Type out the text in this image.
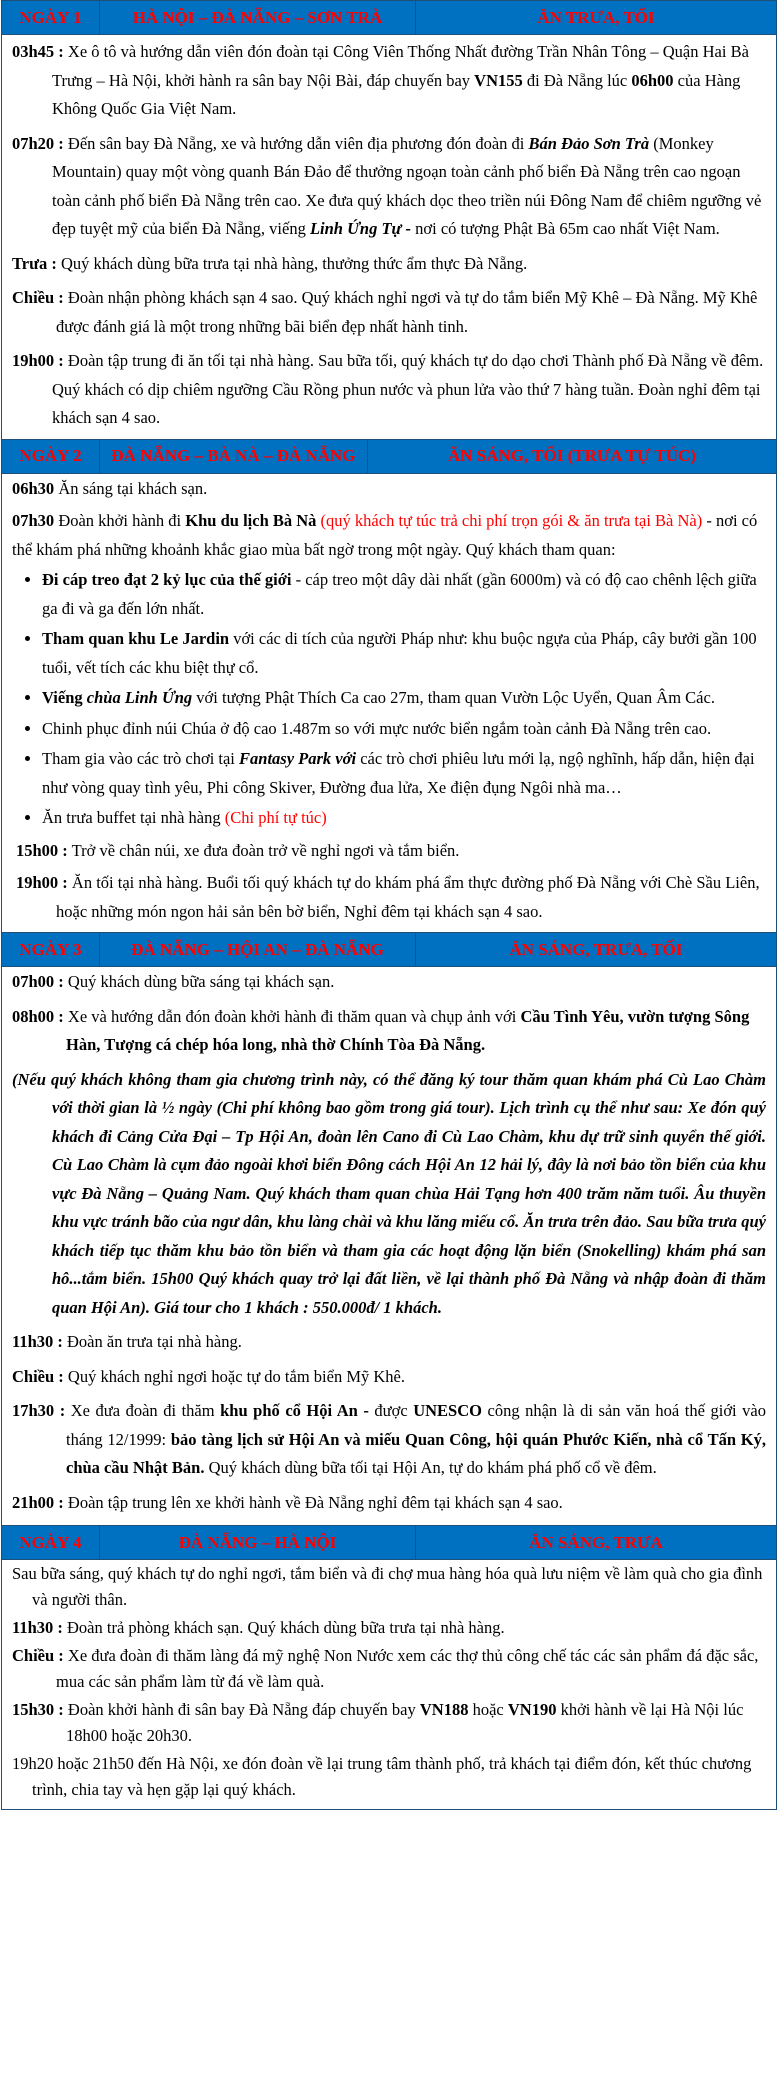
NGÀY 1	HÀ NỘI – ĐÀ NẴNG – SƠN TRÀ	ĂN TRƯA, TỐI
03h45 : Xe ô tô và hướng dẫn viên đón đoàn tại Công Viên Thống Nhất đường Trần Nhân Tông – Quận Hai Bà Trưng – Hà Nội, khởi hành ra sân bay Nội Bài, đáp chuyến bay VN155 đi Đà Nẵng lúc 06h00 của Hàng Không Quốc Gia Việt Nam.
07h20 : Đến sân bay Đà Nẵng, xe và hướng dẫn viên địa phương đón đoàn đi Bán Đảo Sơn Trà (Monkey Mountain) quay một vòng quanh Bán Đảo để thưởng ngoạn toàn cảnh phố biển Đà Nẵng trên cao ngoạn toàn cảnh phố biển Đà Nẵng trên cao. Xe đưa quý khách dọc theo triền núi Đông Nam để chiêm ngưỡng vẻ đẹp tuyệt mỹ của biển Đà Nẵng, viếng Linh Ứng Tự - nơi có tượng Phật Bà 65m cao nhất Việt Nam.
Trưa : Quý khách dùng bữa trưa tại nhà hàng, thưởng thức ẩm thực Đà Nẵng.
Chiều : Đoàn nhận phòng khách sạn 4 sao. Quý khách nghỉ ngơi và tự do tắm biển Mỹ Khê – Đà Nẵng. Mỹ Khê được đánh giá là một trong những bãi biển đẹp nhất hành tinh.
19h00 : Đoàn tập trung đi ăn tối tại nhà hàng. Sau bữa tối, quý khách tự do dạo chơi Thành phố Đà Nẵng về đêm. Quý khách có dịp chiêm ngưỡng Cầu Rồng phun nước và phun lửa vào thứ 7 hàng tuần. Đoàn nghỉ đêm tại khách sạn 4 sao.
NGÀY 2	ĐÀ NẴNG – BÀ NÀ – ĐÀ NẴNG	ĂN SÁNG, TỐI (TRƯA TỰ TÚC)
06h30 Ăn sáng tại khách sạn.
07h30 Đoàn khởi hành đi Khu du lịch Bà Nà (quý khách tự túc trả chi phí trọn gói & ăn trưa tại Bà Nà) - nơi có thể khám phá những khoảnh khắc giao mùa bất ngờ trong một ngày. Quý khách tham quan:
• Đi cáp treo đạt 2 kỷ lục của thế giới - cáp treo một dây dài nhất (gần 6000m) và có độ cao chênh lệch giữa ga đi và ga đến lớn nhất.
• Tham quan khu Le Jardin với các di tích của người Pháp như: khu buộc ngựa của Pháp, cây bưởi gần 100 tuổi, vết tích các khu biệt thự cổ.
• Viếng chùa Linh Ứng với tượng Phật Thích Ca cao 27m, tham quan Vườn Lộc Uyển, Quan Âm Các.
• Chinh phục đỉnh núi Chúa ở độ cao 1.487m so với mực nước biển ngắm toàn cảnh Đà Nẵng trên cao.
• Tham gia vào các trò chơi tại Fantasy Park với các trò chơi phiêu lưu mới lạ, ngộ nghĩnh, hấp dẫn, hiện đại như vòng quay tình yêu, Phi công Skiver, Đường đua lửa, Xe điện đụng Ngôi nhà ma…
• Ăn trưa buffet tại nhà hàng (Chi phí tự túc)
15h00 : Trở về chân núi, xe đưa đoàn trở về nghỉ ngơi và tắm biển.
19h00 : Ăn tối tại nhà hàng. Buổi tối quý khách tự do khám phá ẩm thực đường phố Đà Nẵng với Chè Sầu Liên, hoặc những món ngon hải sản bên bờ biển, Nghỉ đêm tại khách sạn 4 sao.
NGÀY 3	ĐÀ NẴNG – HỘI AN – ĐÀ NẴNG	ĂN SÁNG, TRƯA, TỐI
07h00 : Quý khách dùng bữa sáng tại khách sạn.
08h00 : Xe và hướng dẫn đón đoàn khởi hành đi thăm quan và chụp ảnh với Cầu Tình Yêu, vườn tượng Sông Hàn, Tượng cá chép hóa long, nhà thờ Chính Tòa Đà Nẵng.
(Nếu quý khách không tham gia chương trình này, có thể đăng ký tour thăm quan khám phá Cù Lao Chàm với thời gian là ½ ngày (Chi phí không bao gồm trong giá tour). Lịch trình cụ thể như sau: Xe đón quý khách đi Cảng Cửa Đại – Tp Hội An, đoàn lên Cano đi Cù Lao Chàm, khu dự trữ sinh quyển thế giới. Cù Lao Chàm là cụm đảo ngoài khơi biển Đông cách Hội An 12 hải lý, đây là nơi bảo tồn biển của khu vực Đà Nẵng – Quảng Nam. Quý khách tham quan chùa Hải Tạng hơn 400 trăm năm tuổi. Âu thuyền khu vực tránh bão của ngư dân, khu làng chài và khu lăng miếu cổ. Ăn trưa trên đảo. Sau bữa trưa quý khách tiếp tục thăm khu bảo tồn biển và tham gia các hoạt động lặn biển (Snokelling) khám phá san hô...tắm biển. 15h00 Quý khách quay trở lại đất liền, về lại thành phố Đà Nẵng và nhập đoàn đi thăm quan Hội An). Giá tour cho 1 khách : 550.000đ/ 1 khách.
11h30 : Đoàn ăn trưa tại nhà hàng.
Chiều : Quý khách nghỉ ngơi hoặc tự do tắm biển Mỹ Khê.
17h30 : Xe đưa đoàn đi thăm khu phố cổ Hội An - được UNESCO công nhận là di sản văn hoá thế giới vào tháng 12/1999: bảo tàng lịch sử Hội An và miếu Quan Công, hội quán Phước Kiến, nhà cổ Tấn Ký, chùa cầu Nhật Bản. Quý khách dùng bữa tối tại Hội An, tự do khám phá phố cổ về đêm.
21h00 : Đoàn tập trung lên xe khởi hành về Đà Nẵng nghỉ đêm tại khách sạn 4 sao.
NGÀY 4	ĐÀ NẴNG – HÀ NỘI	ĂN SÁNG, TRƯA
Sau bữa sáng, quý khách tự do nghỉ ngơi, tắm biển và đi chợ mua hàng hóa quà lưu niệm về làm quà cho gia đình và người thân.
11h30 : Đoàn trả phòng khách sạn. Quý khách dùng bữa trưa tại nhà hàng.
Chiều : Xe đưa đoàn đi thăm làng đá mỹ nghệ Non Nước xem các thợ thủ công chế tác các sản phẩm đá đặc sắc, mua các sản phẩm làm từ đá về làm quà.
15h30 : Đoàn khởi hành đi sân bay Đà Nẵng đáp chuyến bay VN188 hoặc VN190 khởi hành về lại Hà Nội lúc 18h00 hoặc 20h30.
19h20 hoặc 21h50 đến Hà Nội, xe đón đoàn về lại trung tâm thành phố, trả khách tại điểm đón, kết thúc chương trình, chia tay và hẹn gặp lại quý khách.
